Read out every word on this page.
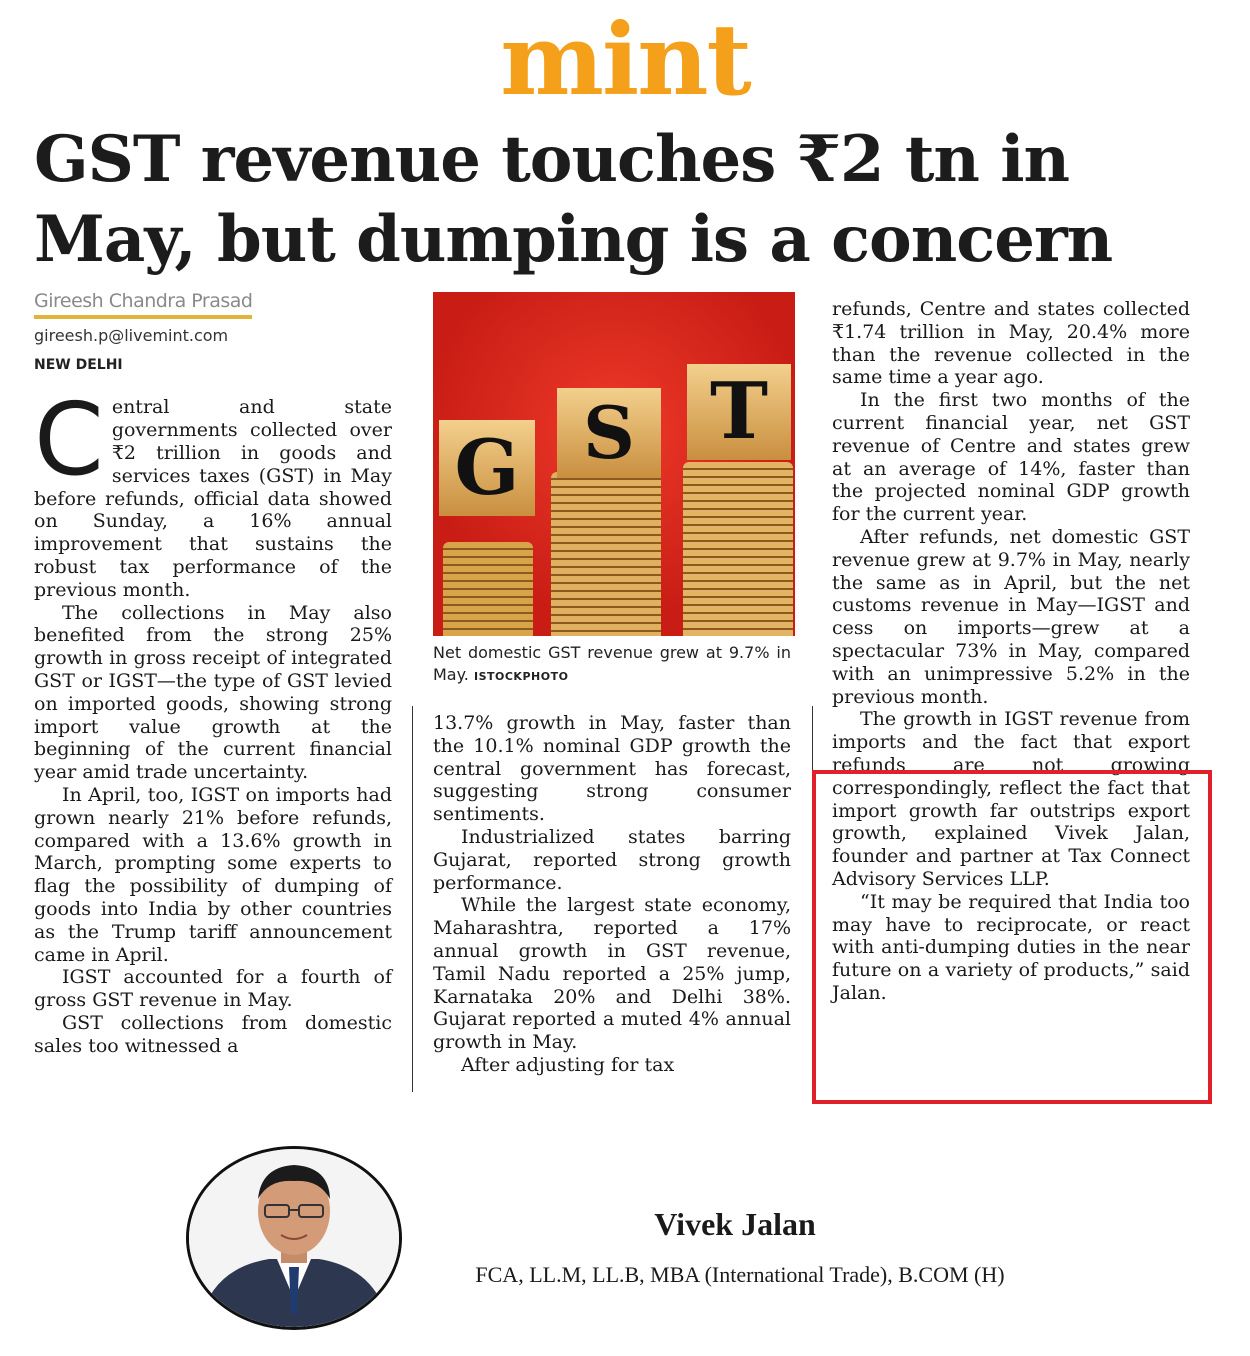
mint
GST revenue touches ₹2 tn in May, but dumping is a concern
Gireesh Chandra Prasad
gireesh.p@livemint.com
NEW DELHI

Central and state governments collected over ₹2 trillion in goods and services taxes (GST) in May before refunds, official data showed on Sunday, a 16% annual improvement that sustains the robust tax performance of the previous month.

The collections in May also benefited from the strong 25% growth in gross receipt of integrated GST or IGST—the type of GST levied on imported goods, showing strong import value growth at the beginning of the current financial year amid trade uncertainty.

In April, too, IGST on imports had grown nearly 21% before refunds, compared with a 13.6% growth in March, prompting some experts to flag the possibility of dumping of goods into India by other countries as the Trump tariff announcement came in April.

IGST accounted for a fourth of gross GST revenue in May.

GST collections from domestic sales too witnessed a

G S T
Net domestic GST revenue grew at 9.7% in May. ISTOCKPHOTO

13.7% growth in May, faster than the 10.1% nominal GDP growth the central government has forecast, suggesting strong consumer sentiments.

Industrialized states barring Gujarat, reported strong growth performance.

While the largest state economy, Maharashtra, reported a 17% annual growth in GST revenue, Tamil Nadu reported a 25% jump, Karnataka 20% and Delhi 38%. Gujarat reported a muted 4% annual growth in May.

After adjusting for tax

refunds, Centre and states collected ₹1.74 trillion in May, 20.4% more than the revenue collected in the same time a year ago.

In the first two months of the current financial year, net GST revenue of Centre and states grew at an average of 14%, faster than the projected nominal GDP growth for the current year.

After refunds, net domestic GST revenue grew at 9.7% in May, nearly the same as in April, but the net customs revenue in May—IGST and cess on imports—grew at a spectacular 73% in May, compared with an unimpressive 5.2% in the previous month.

The growth in IGST revenue from imports and the fact that export refunds are not growing correspondingly, reflect the fact that import growth far outstrips export growth, explained Vivek Jalan, founder and partner at Tax Connect Advisory Services LLP.

“It may be required that India too may have to reciprocate, or react with anti-dumping duties in the near future on a variety of products,” said Jalan.

Vivek Jalan
FCA, LL.M, LL.B, MBA (International Trade), B.COM (H)
